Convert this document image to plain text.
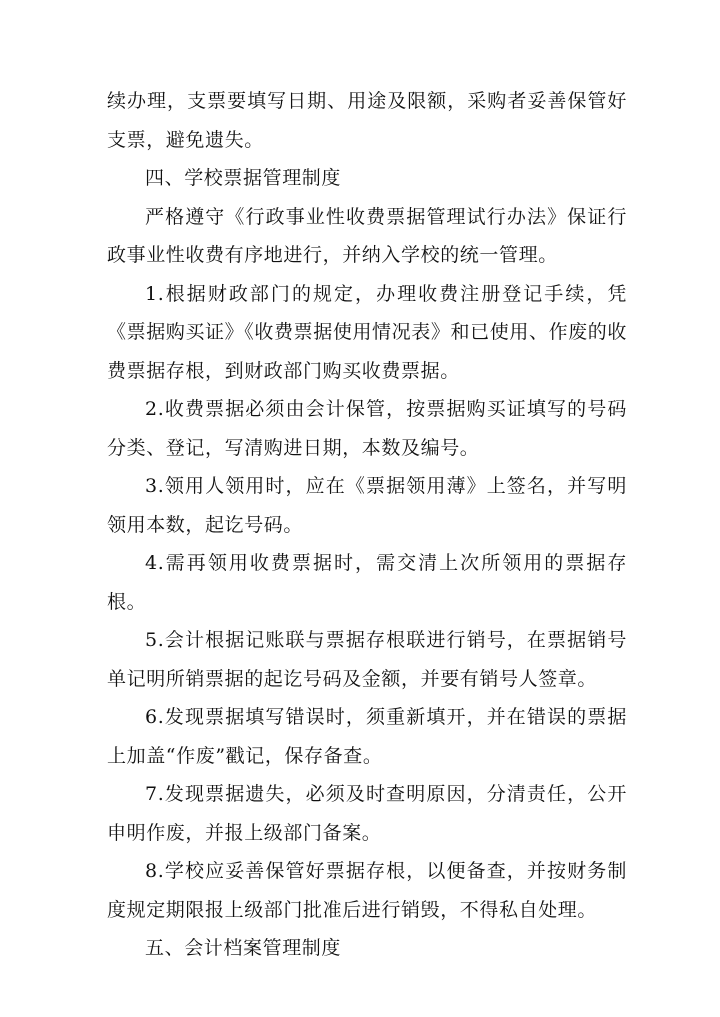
续办理，支票要填写日期、用途及限额，采购者妥善保管好支票，避免遗失。

四、学校票据管理制度

严格遵守《行政事业性收费票据管理试行办法》保证行政事业性收费有序地进行，并纳入学校的统一管理。

1.根据财政部门的规定，办理收费注册登记手续，凭《票据购买证》《收费票据使用情况表》和已使用、作废的收费票据存根，到财政部门购买收费票据。

2.收费票据必须由会计保管，按票据购买证填写的号码分类、登记，写清购进日期，本数及编号。

3.领用人领用时，应在《票据领用薄》上签名，并写明领用本数，起讫号码。

4.需再领用收费票据时，需交清上次所领用的票据存根。

5.会计根据记账联与票据存根联进行销号，在票据销号单记明所销票据的起讫号码及金额，并要有销号人签章。

6.发现票据填写错误时，须重新填开，并在错误的票据上加盖“作废”戳记，保存备查。

7.发现票据遗失，必须及时查明原因，分清责任，公开申明作废，并报上级部门备案。

8.学校应妥善保管好票据存根，以便备查，并按财务制度规定期限报上级部门批准后进行销毁，不得私自处理。

五、会计档案管理制度
